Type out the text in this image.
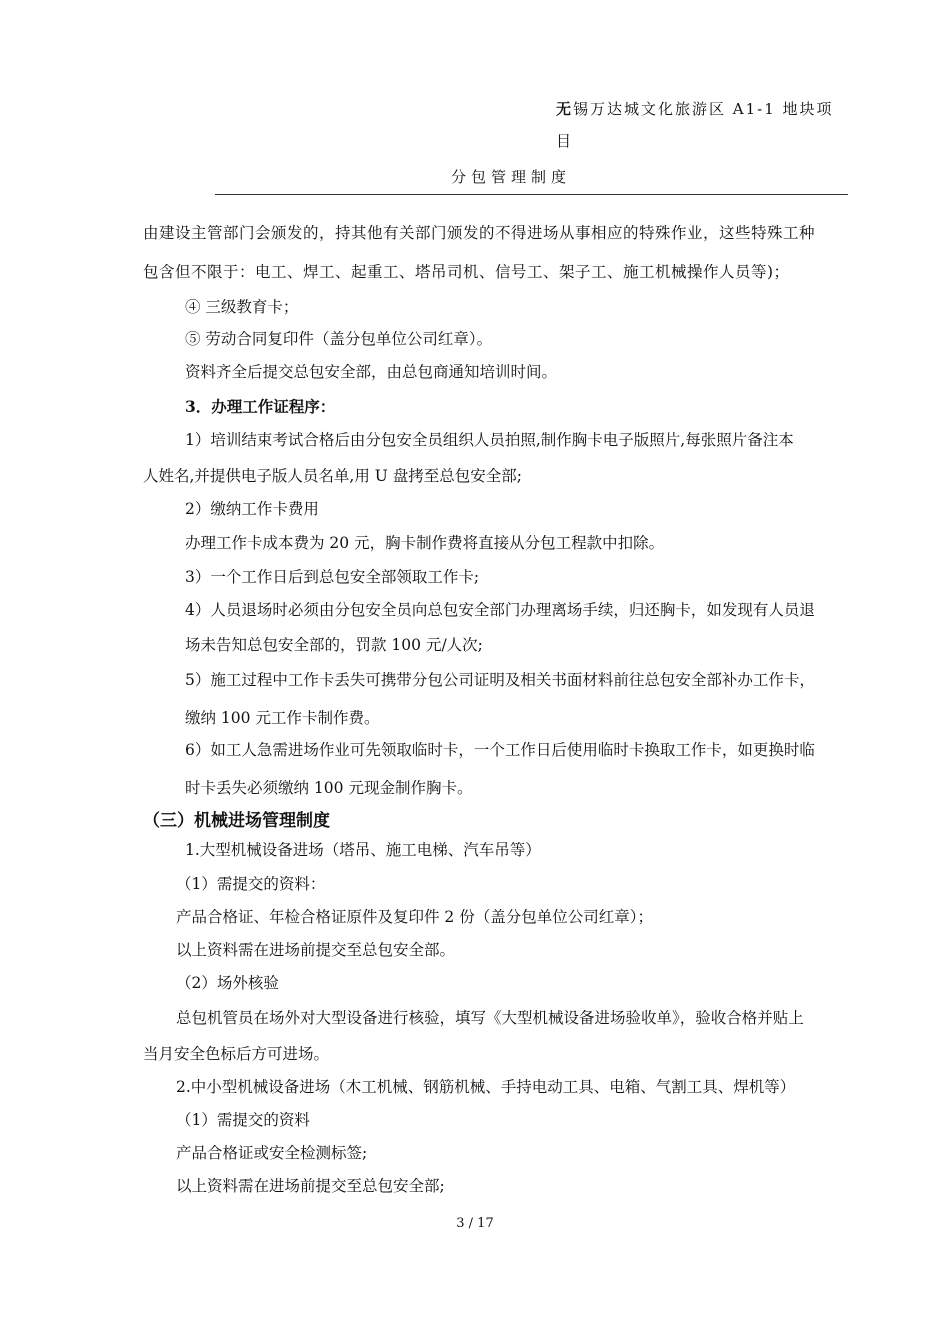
无锡万达城文化旅游区 A1-1 地块项
目
分包管理制度
由建设主管部门会颁发的，持其他有关部门颁发的不得进场从事相应的特殊作业，这些特殊工种
包含但不限于：电工、焊工、起重工、塔吊司机、信号工、架子工、施工机械操作人员等)；
④ 三级教育卡；
⑤ 劳动合同复印件（盖分包单位公司红章）。
资料齐全后提交总包安全部，由总包商通知培训时间。
3．办理工作证程序：
1）培训结束考试合格后由分包安全员组织人员拍照,制作胸卡电子版照片,每张照片备注本
人姓名,并提供电子版人员名单,用 U 盘拷至总包安全部;
2）缴纳工作卡费用
办理工作卡成本费为 20 元，胸卡制作费将直接从分包工程款中扣除。
3）一个工作日后到总包安全部领取工作卡;
4）人员退场时必须由分包安全员向总包安全部门办理离场手续，归还胸卡，如发现有人员退
场未告知总包安全部的，罚款 100 元/人次;
5）施工过程中工作卡丢失可携带分包公司证明及相关书面材料前往总包安全部补办工作卡，
缴纳 100 元工作卡制作费。
6）如工人急需进场作业可先领取临时卡，一个工作日后使用临时卡换取工作卡，如更换时临
时卡丢失必须缴纳 100 元现金制作胸卡。
（三）机械进场管理制度
1.大型机械设备进场（塔吊、施工电梯、汽车吊等）
（1）需提交的资料：
产品合格证、年检合格证原件及复印件 2 份（盖分包单位公司红章）；
以上资料需在进场前提交至总包安全部。
（2）场外核验
总包机管员在场外对大型设备进行核验，填写《大型机械设备进场验收单》，验收合格并贴上
当月安全色标后方可进场。
2.中小型机械设备进场（木工机械、钢筋机械、手持电动工具、电箱、气割工具、焊机等）
（1）需提交的资料
产品合格证或安全检测标签;
以上资料需在进场前提交至总包安全部;
3 / 17
